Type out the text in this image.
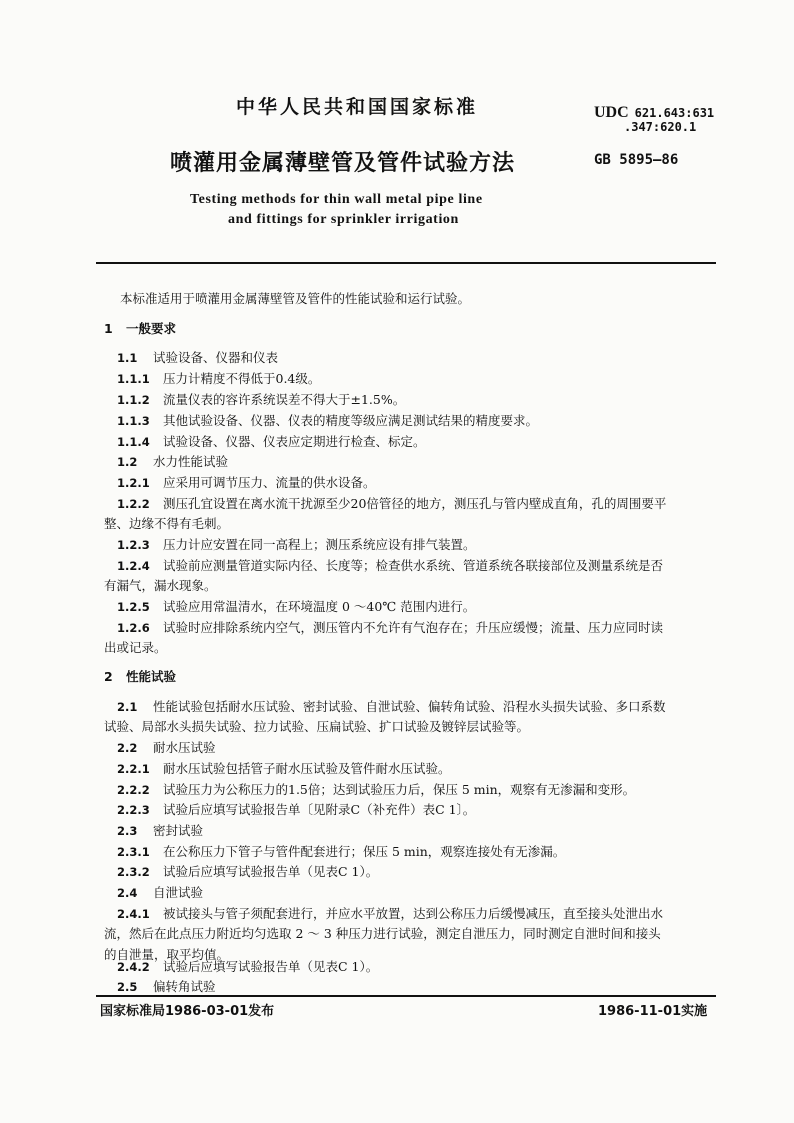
中华人民共和国国家标准	UDC 621.643:631
.347:620.1
喷灌用金属薄壁管及管件试验方法	GB 5895—86
Testing methods for thin wall metal pipe line
and fittings for sprinkler irrigation
本标准适用于喷灌用金属薄壁管及管件的性能试验和运行试验。
1 一般要求
1.1 试验设备、仪器和仪表
1.1.1 压力计精度不得低于0.4级。
1.1.2 流量仪表的容许系统误差不得大于±1.5%。
1.1.3 其他试验设备、仪器、仪表的精度等级应满足测试结果的精度要求。
1.1.4 试验设备、仪器、仪表应定期进行检查、标定。
1.2 水力性能试验
1.2.1 应采用可调节压力、流量的供水设备。
1.2.2 测压孔宜设置在离水流干扰源至少20倍管径的地方，测压孔与管内壁成直角，孔的周围要平
整、边缘不得有毛刺。
1.2.3 压力计应安置在同一高程上；测压系统应设有排气装置。
1.2.4 试验前应测量管道实际内径、长度等；检查供水系统、管道系统各联接部位及测量系统是否
有漏气，漏水现象。
1.2.5 试验应用常温清水，在环境温度 0 ～40℃ 范围内进行。
1.2.6 试验时应排除系统内空气，测压管内不允许有气泡存在；升压应缓慢；流量、压力应同时读
出或记录。
2 性能试验
2.1 性能试验包括耐水压试验、密封试验、自泄试验、偏转角试验、沿程水头损失试验、多口系数
试验、局部水头损失试验、拉力试验、压扁试验、扩口试验及镀锌层试验等。
2.2 耐水压试验
2.2.1 耐水压试验包括管子耐水压试验及管件耐水压试验。
2.2.2 试验压力为公称压力的1.5倍；达到试验压力后，保压 5 min，观察有无渗漏和变形。
2.2.3 试验后应填写试验报告单〔见附录C（补充件）表C 1〕。
2.3 密封试验
2.3.1 在公称压力下管子与管件配套进行；保压 5 min，观察连接处有无渗漏。
2.3.2 试验后应填写试验报告单（见表C 1）。
2.4 自泄试验
2.4.1 被试接头与管子须配套进行，并应水平放置，达到公称压力后缓慢减压，直至接头处泄出水
流，然后在此点压力附近均匀选取 2 ～ 3 种压力进行试验，测定自泄压力，同时测定自泄时间和接头
的自泄量，取平均值。
2.4.2 试验后应填写试验报告单（见表C 1）。
2.5 偏转角试验
国家标准局1986-03-01发布	1986-11-01实施
